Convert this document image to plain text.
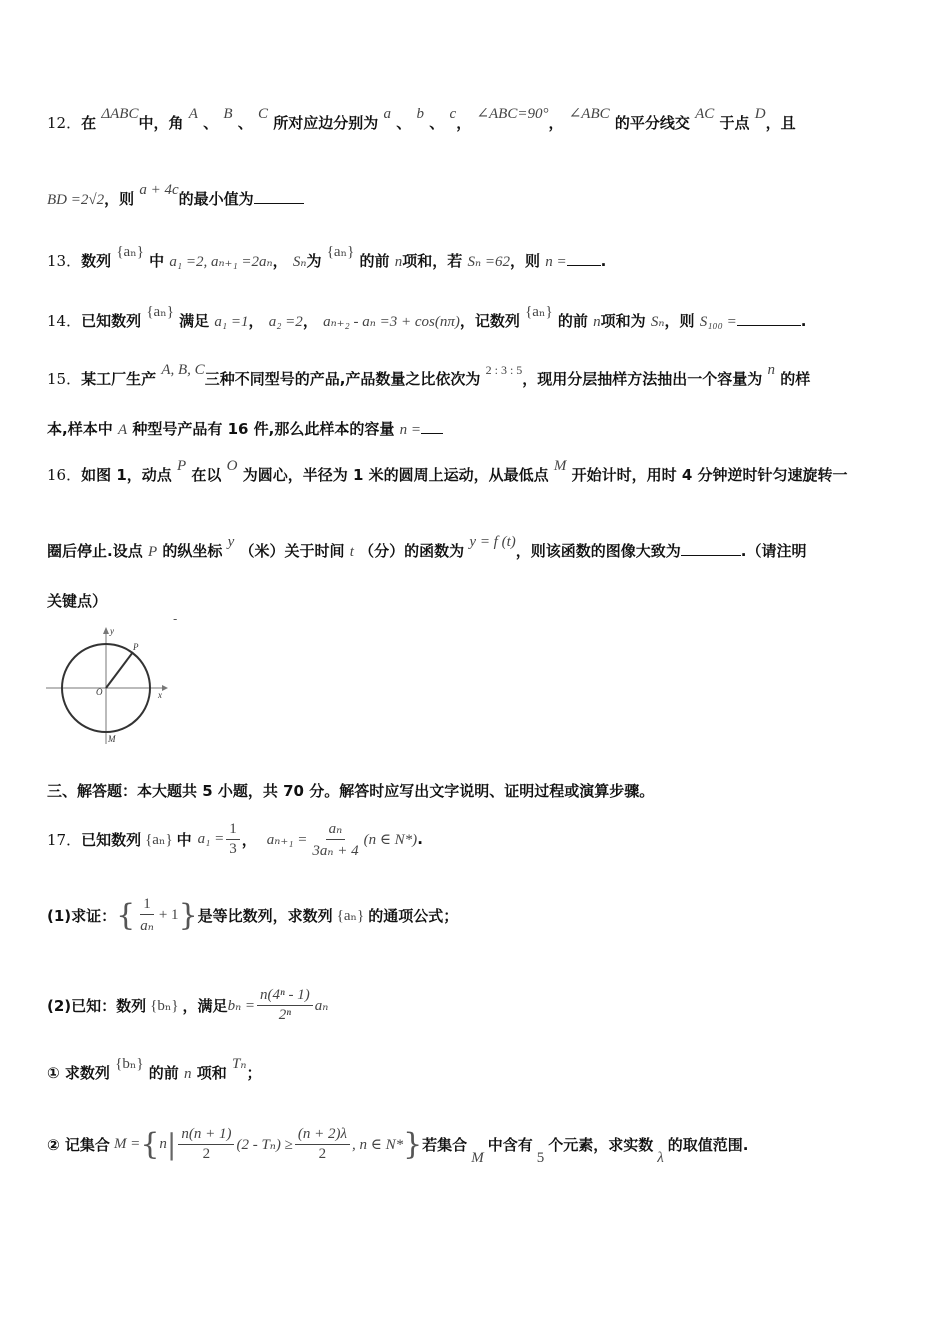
12．在 ΔABC中，角 A 、 B 、 C 所对应边分别为 a 、 b 、 c， ∠ABC=90°， ∠ABC 的平分线交 AC 于点 D，且
BD =2√2，则 a + 4c的最小值为
13．数列 {aₙ} 中 a₁ =2, aₙ₊₁ =2aₙ， Sₙ为 {aₙ} 的前 n项和，若 Sₙ =62，则 n = .
14．已知数列 {aₙ} 满足 a₁ =1， a₂ =2， aₙ₊₂ - aₙ =3 + cos(nπ)，记数列 {aₙ} 的前 n项和为 Sₙ，则 S₁₀₀ =	.
15．某工厂生产 A, B, C三种不同型号的产品,产品数量之比依次为 $^{2 : 3 : 5}$，现用分层抽样方法抽出一个容量为 n 的样
本,样本中 A 种型号产品有 16 件,那么此样本的容量 n =
16．如图 1，动点 P 在以 O 为圆心，半径为 1 米的圆周上运动，从最低点 M 开始计时，用时 4 分钟逆时针匀速旋转一
圈后停止.设点 P 的纵坐标 y （米）关于时间 t （分）的函数为 y = f (t)，则该函数的图像大致为	.（请注明
关键点）
-
y
P
O	x
M
三、解答题：本大题共 5 小题，共 70 分。解答时应写出文字说明、证明过程或演算步骤。
17． 已知数列 {aₙ} 中 $a_1 = \frac{1}{3}$ ， $a_{n+1} = \frac{\text{aₙ}}{\text{3aₙ + 4}} (n$ ∈ N*) .
(1)求证： { $\frac{1}{\text{aₙ}} + 1$ } 是等比数列，求数列 {aₙ} 的通项公式；
(2)已知：数列 {bₙ} ，满足 $b_n = \frac{\text{n(4ⁿ - 1)}}{\text{2ⁿ}}$ aₙ
① 求数列 {bₙ} 的前 n 项和 Tₙ；
② 记集合 M = { n | $\frac{n(n + 1)}{2} (2 - T_n) \ge \frac{(n + 2)\lambda}{2}$ , n ∈ N* } 若集合
M
中含有
5
个元素，求实数
λ
的取值范围.
